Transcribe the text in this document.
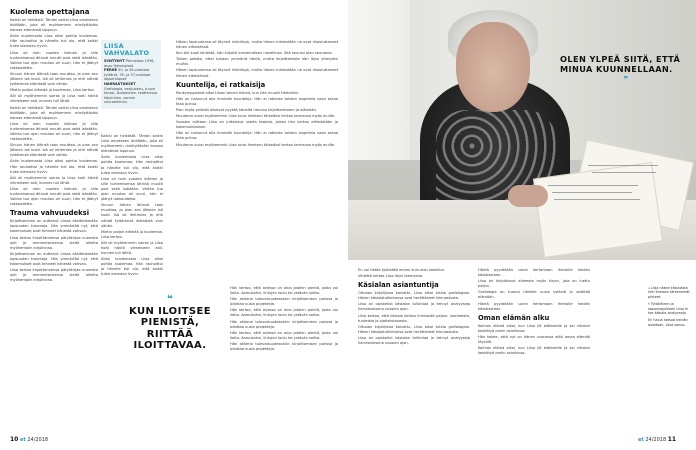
Kuolema opettajana

Kaikki on helkästä. Tämän saikin Liisa omakseen äidiltään, joka eli myöhemmin miellyttäväsi kanssa elämänsä loppuun.

Äidin kuolemasta Liisa alkoi pohtia kuolemaa. Hän rauhoittui ja hänelle tuli olo, että kaikki tulee olemaan hyvin.

Liisa oli noin vuoden ikäinen ja sille tuntemisensa äitinsä muutti pois sekä isästään. Vaikka tuo ajan muutos oli suuri, hän ei jäänyt rakkaudetta.

Sinuun hänen äitinsä taas muuttaa, ja pian sen jälkeen isä kuoli. Isä oli lehtimies ja ehti nähdä tyttärensä elämästä vain vähän.

Mietin paljon elämää ja kuolemaa, Liisa kertoo.

Äiti oli myöhemmin sairas ja Liisa hoiti häntä viimeiseen asti, kunnes tuli lähtö.

Kaikki on helkästä. Tämän saikin Liisa omakseen äidiltään, joka eli myöhemmin miellyttäväsi kanssa elämänsä loppuun.

Liisa oli noin vuoden ikäinen ja sille tuntemisensa äitinsä muutti pois sekä isästään. Vaikka tuo ajan muutos oli suuri, hän ei jäänyt rakkaudetta.

Sinuun hänen äitinsä taas muuttaa, ja pian sen jälkeen isä kuoli. Isä oli lehtimies ja ehti nähdä tyttärensä elämästä vain vähän.

Äidin kuolemasta Liisa alkoi pohtia kuolemaa. Hän rauhoittui ja hänelle tuli olo, että kaikki tulee olemaan hyvin.

Äiti oli myöhemmin sairas ja Liisa hoiti häntä viimeiseen asti, kunnes tuli lähtö.

Liisa oli noin vuoden ikäinen ja sille tuntemisensa äitinsä muutti pois sekä isästään. Vaikka tuo ajan muutos oli suuri, hän ei jäänyt rakkaudetta.

Trauma vahvuudeksi

Kirjoittaminen on auttanut Liisaa käsittelemään lapsuuden traumoja. Hän ymmärtää nyt, että kokemukset ovat tehneet hänestä vahvan.

Liisa kertoo kirjoittaneensa päiväkirjaa nuoresta asti ja ammentaneensa sieltä aiheita myöhempiin kirjoihinsa.

Kirjoittaminen on auttanut Liisaa käsittelemään lapsuuden traumoja. Hän ymmärtää nyt, että kokemukset ovat tehneet hänestä vahvan.

Liisa kertoo kirjoittaneensa päiväkirjaa nuoresta asti ja ammentaneensa sieltä aiheita myöhempiin kirjoihinsa.

LIISA VAHVALATO
SYNTYNYT Pernioissa 1936, asuu Helsingissä
PERHE 50- ja 58-vuotiaat tyttäret, 35- ja 37-vuotiaat lapsenlapset
HARRASTUKSET
Grafologia, vesijuoksu, tuuva tanssi, laulaminen, teatterissa käyminen, somen seuraaminen.

Kaikki on helkästä. Tämän saikin Liisa omakseen äidiltään, joka eli myöhemmin miellyttäväsi kanssa elämänsä loppuun.

Äidin kuolemasta Liisa alkoi pohtia kuolemaa. Hän rauhoittui ja hänelle tuli olo, että kaikki tulee olemaan hyvin.

Liisa oli noin vuoden ikäinen ja sille tuntemisensa äitinsä muutti pois sekä isästään. Vaikka tuo ajan muutos oli suuri, hän ei jäänyt rakkaudetta.

Sinuun hänen äitinsä taas muuttaa, ja pian sen jälkeen isä kuoli. Isä oli lehtimies ja ehti nähdä tyttärensä elämästä vain vähän.

Mietin paljon elämää ja kuolemaa, Liisa kertoo.

Äiti oli myöhemmin sairas ja Liisa hoiti häntä viimeiseen asti, kunnes tuli lähtö.

Äidin kuolemasta Liisa alkoi pohtia kuolemaa. Hän rauhoittui ja hänelle tuli olo, että kaikki tulee olemaan hyvin.

Hänen lapsuutensa oli täynnä ristiriitoja, mutta hänen mielestään ne ovat rikastuttaneet hänen elämäänsä.

Kun äiti kuoli lehdistä, hän kirjoitti ensimmäisen novellinsa. Sitä seurasi pian seuraava.

Toinen pelkäsi, ettei kukaan ymmärrä häntä, mutta kirjoittamalla hän löysi yhteyden muihin.

Hänen lapsuutensa oli täynnä ristiriitoja, mutta hänen mielestään ne ovat rikastuttaneet hänen elämäänsä.

Kuuntelija, ei ratkaisija

Parikymppisenä alkoi Liisan toinen elämä, kun hän muutti Helsinkiin.

Hän on halunnut olla ihmisille kuuntelija. Hän ei ratkaise toisten ongelmia vaan antaa tilaa puhua.

Pian myös ystävät alkoivat pyytää häneltä neuvoa kirjoittamiseen ja elämään.

Muutama vuosi myöhemmin Liisa tunsi ilmeisen tärkeäksi kertoa tarinansa myös muille.

Vuosien mittaan Liisa on julkaissut useita teoksia, joissa hän kertoo elämästään ja kokemuksistaan.

Hän on halunnut olla ihmisille kuuntelija. Hän ei ratkaise toisten ongelmia vaan antaa tilaa puhua.

Muutama vuosi myöhemmin Liisa tunsi ilmeisen tärkeäksi kertoa tarinansa myös muille.

❝
KUN ILOITSEE PIENISTÄ, RIITTÄÄ ILOITTAVAA.

Hän kertoo, että arjessa on aina jotakin pientä, josta voi iloita. Aamukahvi, lintujen laulu tai ystävän soitto.

Hän ahkeroi tulevaisuudessakin kirjoittamisen parissa ja odottaa uusia projekteja.

Hän kertoo, että arjessa on aina jotakin pientä, josta voi iloita. Aamukahvi, lintujen laulu tai ystävän soitto.

Hän ahkeroi tulevaisuudessakin kirjoittamisen parissa ja odottaa uusia projekteja.

Hän kertoo, että arjessa on aina jotakin pientä, josta voi iloita. Aamukahvi, lintujen laulu tai ystävän soitto.

Hän ahkeroi tulevaisuudessakin kirjoittamisen parissa ja odottaa uusia projekteja.

10 et 24/2018
OLEN YLPEÄ SIITÄ, ETTÄ MINUA KUUNNELLAAN.
❞

En voi tietää tykkääkö ennen kuin olen kokeillut.

Viidettä kertaa Liisa löysi teemansa.

Käsialan asiantuntija

Oltuaan kirjailijana kaivattu, Liisa alkoi tutkia grafologiaa. Hänen käsialatulkintansa ovat herättäneet kiinnostusta.

Liisa on opiskellut käsialan tulkintaa ja tehnyt analyyseja harrastuksena vuosien ajan.

Liisa kertoo, että käsiala kertoo ihmisestä paljon: luonteesta, tunteista ja ajattelutavasta.

Oltuaan kirjailijana kaivattu, Liisa alkoi tutkia grafologiaa. Hänen käsialatulkintansa ovat herättäneet kiinnostusta.

Liisa on opiskellut käsialan tulkintaa ja tehnyt analyyseja harrastuksena vuosien ajan.

Häntä pyydetään usein kertomaan ihmisille heidän käsialastaan.

Liisa on kirjoittanut aiheesta myös kirjan, jota on luettu paljon.

Grafologia on tuonut hänelle uusia ystäviä ja sisältöä elämään.

Häntä pyydetään usein kertomaan ihmisille heidän käsialastaan.

Oman elämän alku

Kolmas elämä alkoi, kun Liisa jäi eläkkeelle ja sai vihdoin keskittyä omiin asioihinsa.

Hän kokee, että nyt on hänen vuoronsa elää omaa elämää täysillä.

Kolmas elämä alkoi, kun Liisa jäi eläkkeelle ja sai vihdoin keskittyä omiin asioihinsa.

◂ Liisa näkee käsialasta heti ihmisen tärkeimmät piirteet.

▾ Tyttärilleen ja lapsenlapsilleen Liisa ei tee käsiala-analyyseja.

En halua katsoa heidän asioitaan, Liisa sanoo.

et 24/2018 11
